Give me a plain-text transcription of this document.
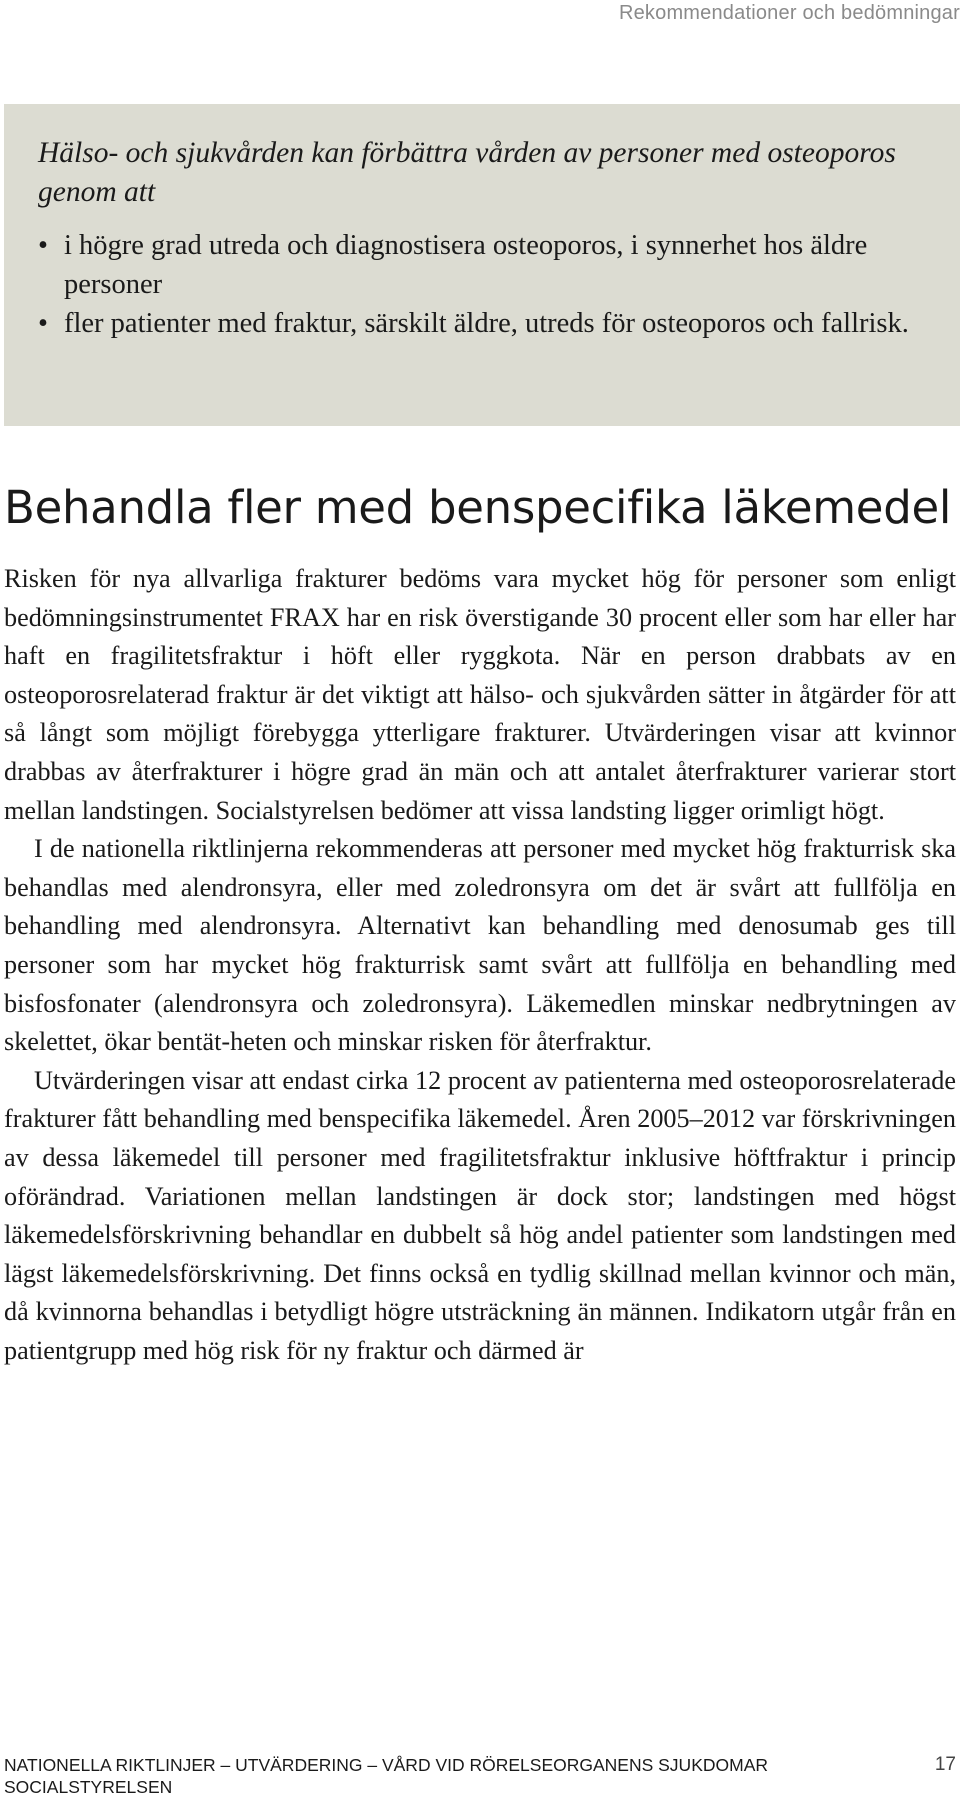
Rekommendationer och bedömningar

Hälso- och sjukvården kan förbättra vården av personer med osteoporos genom att

• i högre grad utreda och diagnostisera osteoporos, i synnerhet hos äldre personer
• fler patienter med fraktur, särskilt äldre, utreds för osteoporos och fallrisk.
Behandla fler med benspecifika läkemedel

Risken för nya allvarliga frakturer bedöms vara mycket hög för personer som enligt bedömningsinstrumentet FRAX har en risk överstigande 30 procent eller som har eller har haft en fragilitetsfraktur i höft eller ryggkota. När en person drabbats av en osteoporosrelaterad fraktur är det viktigt att hälso- och sjukvården sätter in åtgärder för att så långt som möjligt förebygga ytterligare frakturer. Utvärderingen visar att kvinnor drabbas av återfrakturer i högre grad än män och att antalet återfrakturer varierar stort mellan landstingen. Socialstyrelsen bedömer att vissa landsting ligger orimligt högt.

I de nationella riktlinjerna rekommenderas att personer med mycket hög frakturrisk ska behandlas med alendronsyra, eller med zoledronsyra om det är svårt att fullfölja en behandling med alendronsyra. Alternativt kan behandling med denosumab ges till personer som har mycket hög frakturrisk samt svårt att fullfölja en behandling med bisfosfonater (alendronsyra och zoledronsyra). Läkemedlen minskar nedbrytningen av skelettet, ökar bentät-heten och minskar risken för återfraktur.

Utvärderingen visar att endast cirka 12 procent av patienterna med osteoporosrelaterade frakturer fått behandling med benspecifika läkemedel. Åren 2005–2012 var förskrivningen av dessa läkemedel till personer med fragilitetsfraktur inklusive höftfraktur i princip oförändrad. Variationen mellan landstingen är dock stor; landstingen med högst läkemedelsförskrivning behandlar en dubbelt så hög andel patienter som landstingen med lägst läkemedelsförskrivning. Det finns också en tydlig skillnad mellan kvinnor och män, då kvinnorna behandlas i betydligt högre utsträckning än männen. Indikatorn utgår från en patientgrupp med hög risk för ny fraktur och därmed är

NATIONELLA RIKTLINJER – UTVÄRDERING – VÅRD VID RÖRELSEORGANENS SJUKDOMAR
SOCIALSTYRELSEN
17
